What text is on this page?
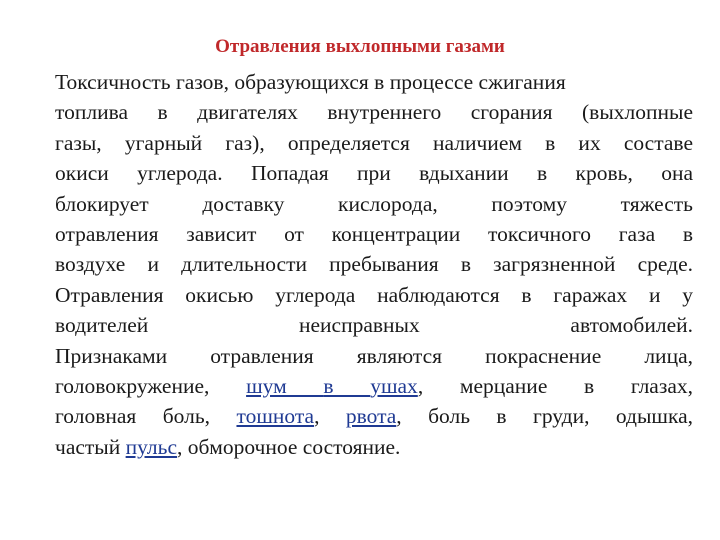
Отравления выхлопными газами
Токсичность газов, образующихся в процессе сжигания
топлива в двигателях внутреннего сгорания (выхлопные
газы, угарный газ), определяется наличием в их составе
окиси углерода. Попадая при вдыхании в кровь, она
блокирует доставку кислорода, поэтому тяжесть
отравления зависит от концентрации токсичного газа в
воздухе и длительности пребывания в загрязненной среде.
Отравления окисью углерода наблюдаются в гаражах и у
водителей неисправных автомобилей.
Признаками отравления являются покраснение лица,
головокружение, шум в ушах, мерцание в глазах,
головная боль, тошнота, рвота, боль в груди, одышка,
частый пульс, обморочное состояние.
